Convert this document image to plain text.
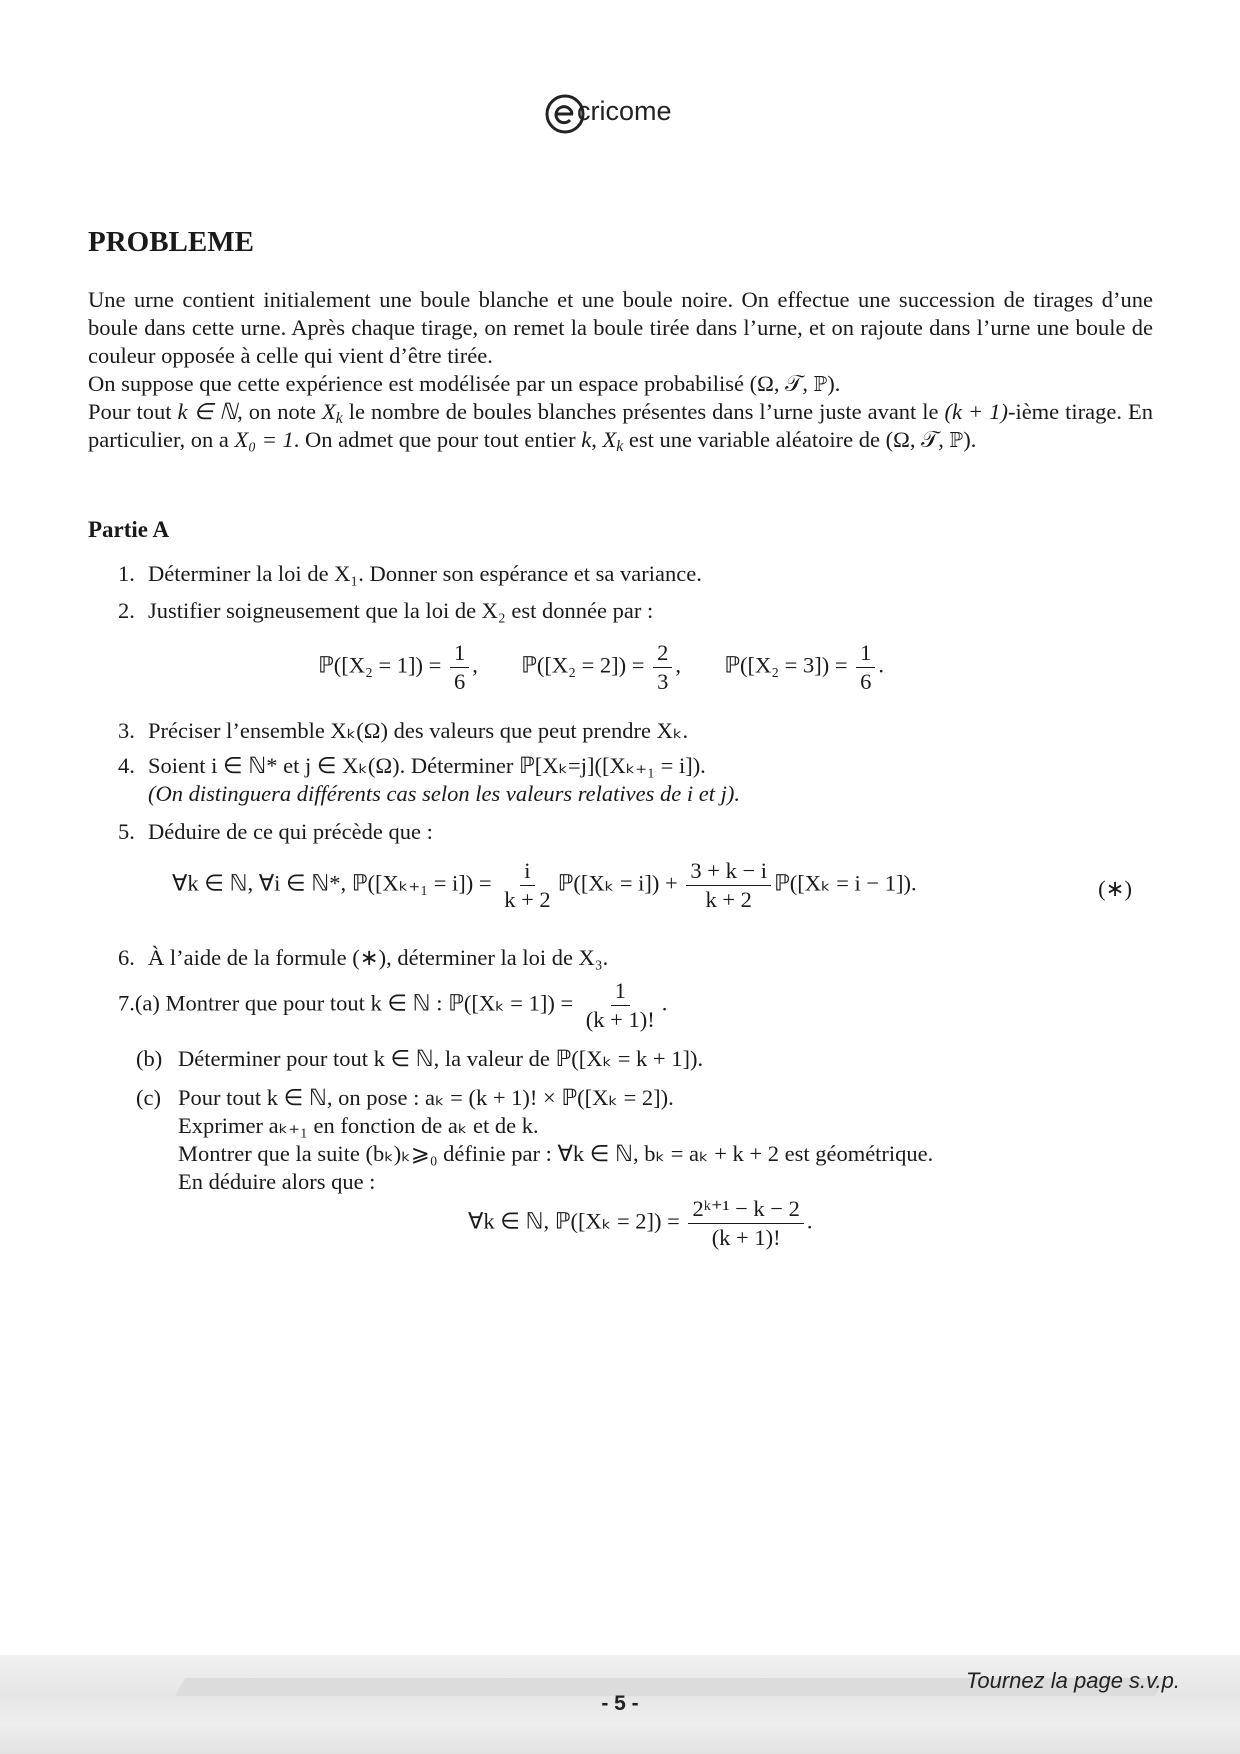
cricome
PROBLEME

Une urne contient initialement une boule blanche et une boule noire. On effectue une succession de tirages d’une boule dans cette urne. Après chaque tirage, on remet la boule tirée dans l’urne, et on rajoute dans l’urne une boule de couleur opposée à celle qui vient d’être tirée.

On suppose que cette expérience est modélisée par un espace probabilisé (Ω, 𝒯, ℙ).

Pour tout k ∈ ℕ, on note $X_k$ le nombre de boules blanches présentes dans l’urne juste avant le (k + 1)-ième tirage. En particulier, on a X₀ = 1. On admet que pour tout entier k, $X_k$ est une variable aléatoire de (Ω, 𝒯, ℙ).

Partie A
1. Déterminer la loi de X₁. Donner son espérance et sa variance.
2. Justifier soigneusement que la loi de X₂ est donnée par :
ℙ([X₂ = $1]) = \frac{1}{6}$ , ℙ([X₂ = $2]) = \frac{2}{3}$ , ℙ([X₂ = $3]) = \frac{1}{6}$ .
3. Préciser l’ensemble Xₖ(Ω) des valeurs que peut prendre Xₖ.
4. Soient i ∈ ℕ* et j ∈ Xₖ(Ω). Déterminer ℙ[Xₖ=j]([Xₖ₊₁ = i]).
(On distinguera différents cas selon les valeurs relatives de i et j).
5. Déduire de ce qui précède que :
∀k ∈ ℕ, ∀i ∈ ℕ*, ℙ([Xₖ₊₁ = $i]) = \frac{i}{k + 2}$ ℙ([Xₖ = $i]) + \frac{3 + k - i}{k + 2}$ ℙ([Xₖ = i − 1]).	(∗)
6. À l’aide de la formule (∗), déterminer la loi de X₃.
7.(a) Montrer que pour tout k ∈ ℕ : ℙ([Xₖ = $1]) = \frac{1}{(k + 1)!}$ .
(b) Déterminer pour tout k ∈ ℕ, la valeur de ℙ([Xₖ = k + 1]).
(c) Pour tout k ∈ ℕ, on pose : aₖ = (k + 1)! × ℙ([Xₖ = 2]).
Exprimer aₖ₊₁ en fonction de aₖ et de k.
Montrer que la suite (bₖ)ₖ⩾₀ définie par : ∀k ∈ ℕ, bₖ = aₖ + k + 2 est géométrique.
En déduire alors que :
∀k ∈ ℕ, ℙ([Xₖ = $2]) = \frac{\text{2ᵏ⁺¹ − k − 2}}{(k + 1)!}$ .
Tournez la page s.v.p.
- 5 -
